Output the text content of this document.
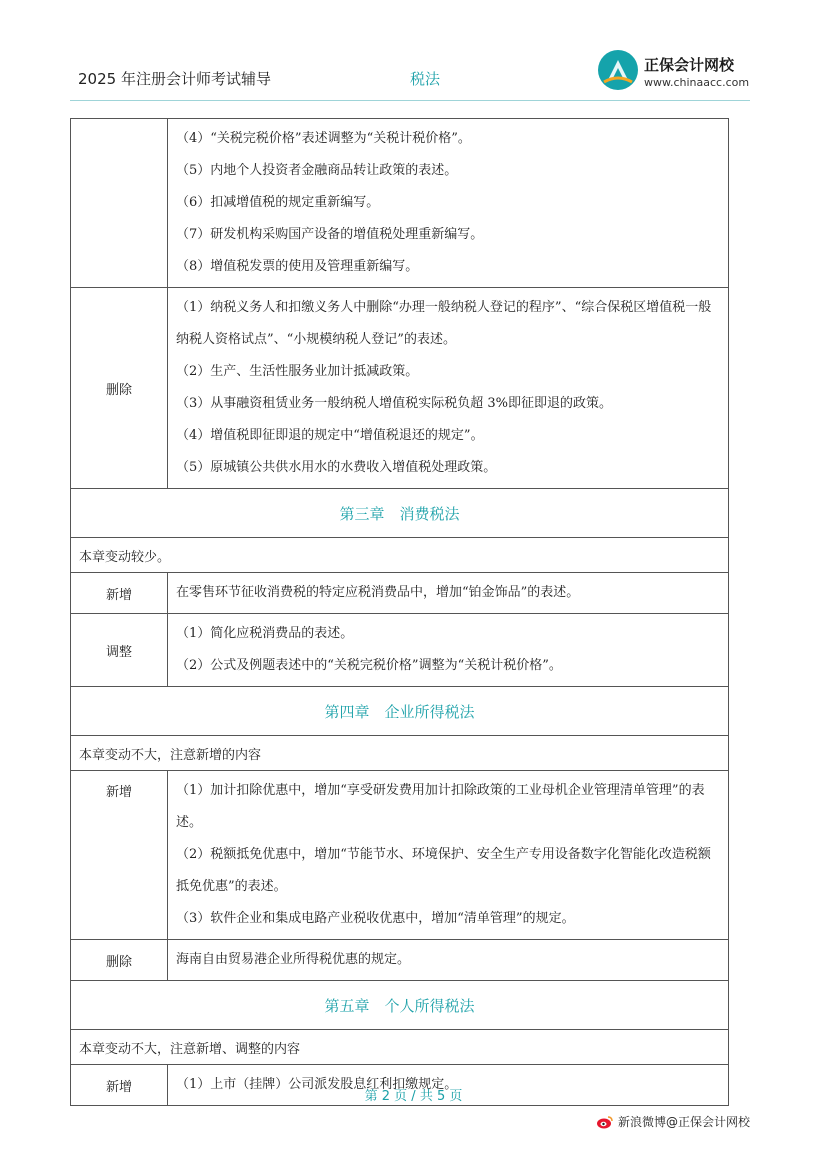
2025 年注册会计师考试辅导	税法
正保会计网校
www.chinaacc.com

	（4）“关税完税价格”表述调整为“关税计税价格”。

（5）内地个人投资者金融商品转让政策的表述。

（6）扣减增值税的规定重新编写。

（7）研发机构采购国产设备的增值税处理重新编写。

（8）增值税发票的使用及管理重新编写。

删除	（1）纳税义务人和扣缴义务人中删除“办理一般纳税人登记的程序”、“综合保税区增值税一般纳税人资格试点”、“小规模纳税人登记”的表述。

（2）生产、生活性服务业加计抵减政策。

（3）从事融资租赁业务一般纳税人增值税实际税负超 3%即征即退的政策。

（4）增值税即征即退的规定中“增值税退还的规定”。

（5）原城镇公共供水用水的水费收入增值税处理政策。

第三章　消费税法	
本章变动较少。	
新增	在零售环节征收消费税的特定应税消费品中，增加“铂金饰品”的表述。

调整	（1）简化应税消费品的表述。

（2）公式及例题表述中的“关税完税价格”调整为“关税计税价格”。

第四章　企业所得税法	
本章变动不大，注意新增的内容	
新增	（1）加计扣除优惠中，增加“享受研发费用加计扣除政策的工业母机企业管理清单管理”的表述。

（2）税额抵免优惠中，增加“节能节水、环境保护、安全生产专用设备数字化智能化改造税额抵免优惠”的表述。

（3）软件企业和集成电路产业税收优惠中，增加“清单管理”的规定。

删除	海南自由贸易港企业所得税优惠的规定。

第五章　个人所得税法	
本章变动不大，注意新增、调整的内容	
新增	（1）上市（挂牌）公司派发股息红利扣缴规定。

第 2 页 / 共 5 页
新浪微博@正保会计网校
